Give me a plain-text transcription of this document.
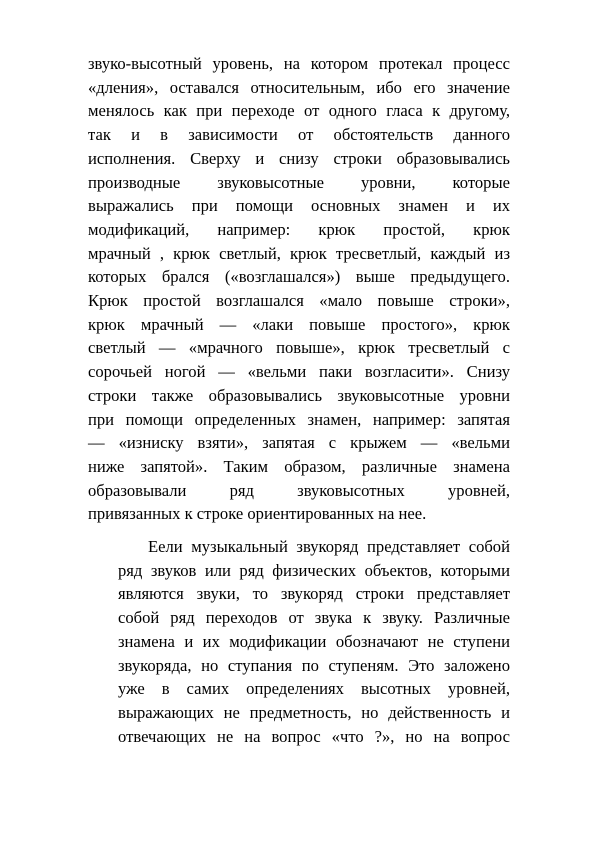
звуко-высотный уровень, на котором протекал процесс
«дления», оставался относительным, ибо его значение
менялось как при переходе от одного гласа к другому,
так и в зависимости от обстоятельств данного
исполнения. Сверху и снизу строки образовывались
производные звуковысотные уровни, которые
выражались при помощи основных знамен и их
модификаций, например: крюк простой, крюк
мрачный , крюк светлый, крюк тресветлый, каждый из
которых брался («возглашался») выше предыдущего.
Крюк простой возглашался «мало повыше строки»,
крюк мрачный — «лаки повыше простого», крюк
светлый — «мрачного повыше», крюк тресветлый с
сорочьей ногой — «вельми паки возгласити». Снизу
строки также образовывались звуковысотные уровни
при помощи определенных знамен, например: запятая
— «изниску взяти», запятая с крыжем — «вельми
ниже запятой». Таким образом, различные знамена
образовывали ряд звуковысотных уровней,
привязанных к строке ориентированных на нее.
Еели музыкальный звукоряд представляет собой
ряд звуков или ряд физических объектов, которыми
являются звуки, то звукоряд строки представляет
собой ряд переходов от звука к звуку. Различные
знамена и их модификации обозначают не ступени
звукоряда, но ступания по ступеням. Это заложено
уже в самих определениях высотных уровней,
выражающих не предметность, но действенность и
отвечающих не на вопрос «что ?», но на вопрос
